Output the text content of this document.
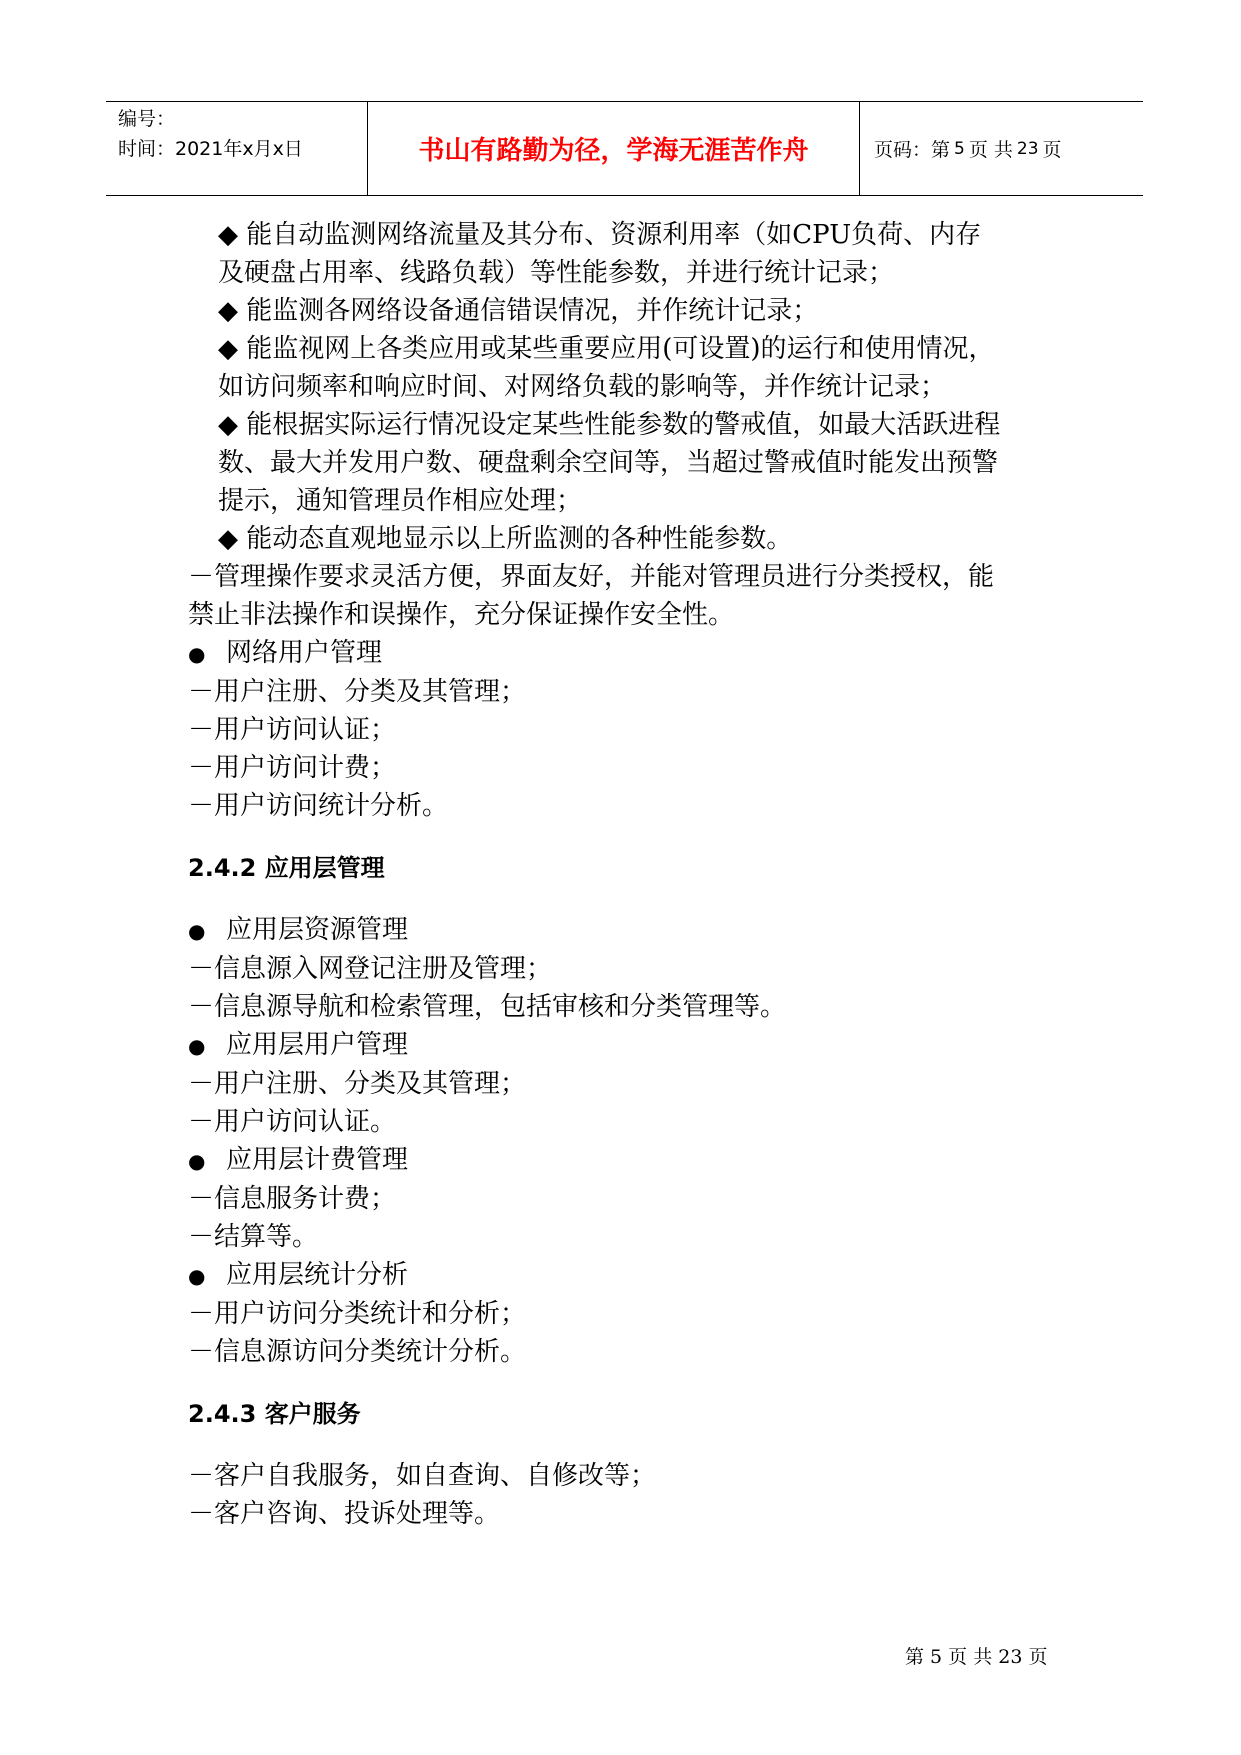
编号：
时间：2021年x月x日	书山有路勤为径，学海无涯苦作舟	页码：第 5 页 共 23 页
◆ 能自动监测网络流量及其分布、资源利用率（如CPU负荷、内存
及硬盘占用率、线路负载）等性能参数，并进行统计记录；
◆ 能监测各网络设备通信错误情况，并作统计记录；
◆ 能监视网上各类应用或某些重要应用(可设置)的运行和使用情况，
如访问频率和响应时间、对网络负载的影响等，并作统计记录；
◆ 能根据实际运行情况设定某些性能参数的警戒值，如最大活跃进程
数、最大并发用户数、硬盘剩余空间等，当超过警戒值时能发出预警
提示，通知管理员作相应处理；
◆ 能动态直观地显示以上所监测的各种性能参数。
－管理操作要求灵活方便，界面友好，并能对管理员进行分类授权，能
禁止非法操作和误操作，充分保证操作安全性。
● 网络用户管理
－用户注册、分类及其管理；
－用户访问认证；
－用户访问计费；
－用户访问统计分析。
2.4.2 应用层管理
● 应用层资源管理
－信息源入网登记注册及管理；
－信息源导航和检索管理，包括审核和分类管理等。
● 应用层用户管理
－用户注册、分类及其管理；
－用户访问认证。
● 应用层计费管理
－信息服务计费；
－结算等。
● 应用层统计分析
－用户访问分类统计和分析；
－信息源访问分类统计分析。
2.4.3 客户服务
－客户自我服务，如自查询、自修改等；
－客户咨询、投诉处理等。
第 5 页 共 23 页
